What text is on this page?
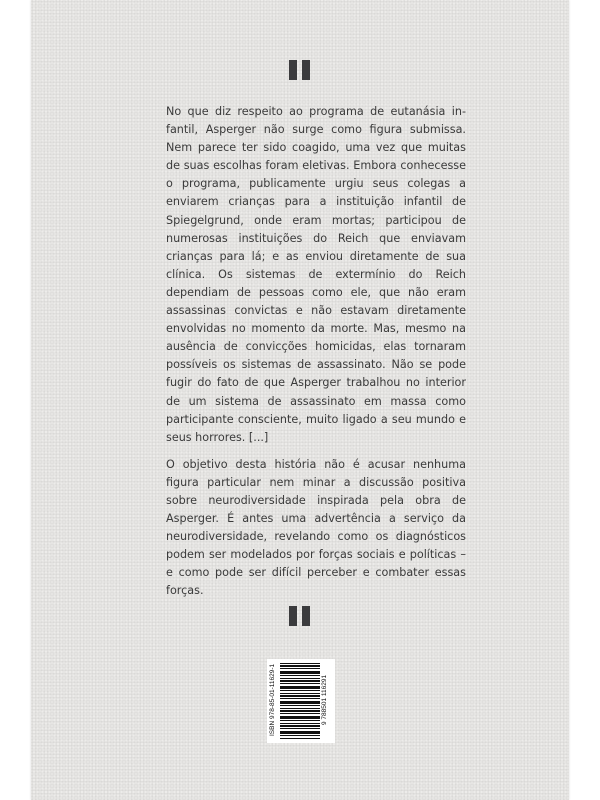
No que diz respeito ao programa de eutanásia infantil, Asperger não surge como figura submissa. Nem parece ter sido coagido, uma vez que muitas de suas escolhas foram eletivas. Embora conhecesse o programa, publicamente urgiu seus colegas a enviarem crianças para a instituição infantil de Spiegelgrund, onde eram mortas; participou de numerosas instituições do Reich que enviavam crianças para lá; e as enviou diretamente de sua clínica. Os sistemas de extermínio do Reich dependiam de pessoas como ele, que não eram assassinas convictas e não estavam diretamente envolvidas no momento da morte. Mas, mesmo na ausência de convicções homicidas, elas tornaram possíveis os sistemas de assassinato. Não se pode fugir do fato de que Asperger trabalhou no interior de um sistema de assassinato em massa como participante consciente, muito ligado a seu mundo e seus horrores. [...]

O objetivo desta história não é acusar nenhuma figura particular nem minar a discussão positiva sobre neurodiversidade inspirada pela obra de Asperger. É antes uma advertência a serviço da neurodiversidade, revelando como os diagnósticos podem ser modelados por forças sociais e políticas – e como pode ser difícil perceber e combater essas forças.

ISBN 978-85-01-11629-1	9 788501 116291
